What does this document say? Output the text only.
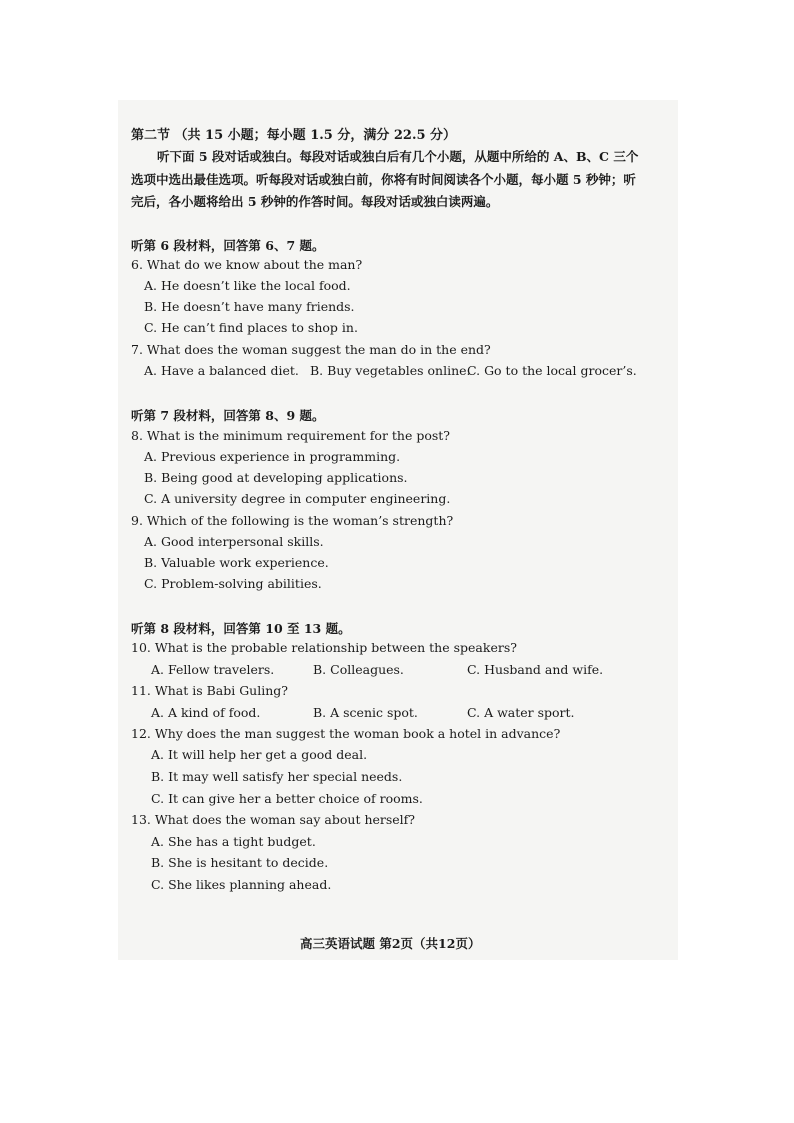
第二节 （共 15 小题；每小题 1.5 分，满分 22.5 分）
听下面 5 段对话或独白。每段对话或独白后有几个小题，从题中所给的 A、B、C 三个
选项中选出最佳选项。听每段对话或独白前，你将有时间阅读各个小题，每小题 5 秒钟；听
完后，各小题将给出 5 秒钟的作答时间。每段对话或独白读两遍。
听第 6 段材料，回答第 6、7 题。
6. What do we know about the man?
A. He doesn’t like the local food.
B. He doesn’t have many friends.
C. He can’t find places to shop in.
7. What does the woman suggest the man do in the end?
A. Have a balanced diet. B. Buy vegetables online.
C. Go to the local grocer’s.
听第 7 段材料，回答第 8、9 题。
8. What is the minimum requirement for the post?
A. Previous experience in programming.
B. Being good at developing applications.
C. A university degree in computer engineering.
9. Which of the following is the woman’s strength?
A. Good interpersonal skills.
B. Valuable work experience.
C. Problem-solving abilities.
听第 8 段材料，回答第 10 至 13 题。
10. What is the probable relationship between the speakers?
A. Fellow travelers.	B. Colleagues.	C. Husband and wife.
11. What is Babi Guling?
A. A kind of food.	B. A scenic spot.	C. A water sport.
12. Why does the man suggest the woman book a hotel in advance?
A. It will help her get a good deal.
B. It may well satisfy her special needs.
C. It can give her a better choice of rooms.
13. What does the woman say about herself?
A. She has a tight budget.
B. She is hesitant to decide.
C. She likes planning ahead.
高三英语试题 第2页（共12页）
